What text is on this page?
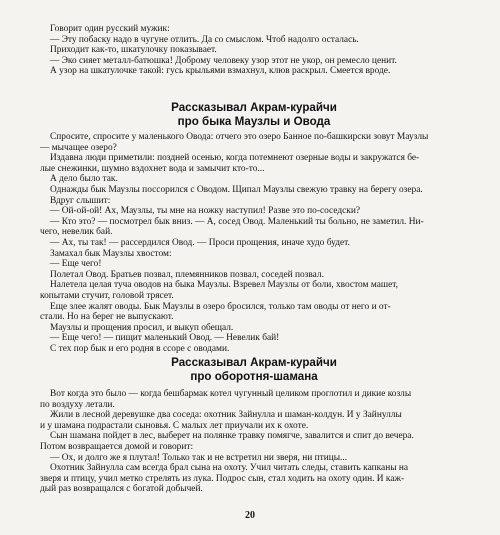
Говорит один русский мужик:
— Эту побаску надо в чугуне отлить. Да со смыслом. Чтоб надолго осталась.
Приходит как-то, шкатулочку показывает.
— Эко сияет металл-батюшка! Доброму человеку узор этот не укор, он ремесло ценит.
А узор на шкатулочке такой: гусь крыльями взмахнул, клюв раскрыл. Смеется вроде.
Рассказывал Акрам-курайчи
про быка Маузлы и Овода
Спросите, спросите у маленького Овода: отчего это озеро Банное по-башкирски зовут Маузлы
— мычащее озеро?
Издавна люди приметили: поздней осенью, когда потемнеют озерные воды и закружатся бе-
лые снежинки, шумно вздохнет вода и замычит кто-то...
А дело было так.
Однажды бык Маузлы поссорился с Оводом. Щипал Маузлы свежую травку на берегу озера.
Вдруг слышит:
— Ой-ой-ой! Ах, Маузлы, ты мне на ножку наступил! Разве это по-соседски?
— Кто это? — посмотрел бык вниз. — А, сосед Овод. Маленький ты больно, не заметил. Ни-
чего, невелик бай.
— Ах, ты так! — рассердился Овод. — Проси прощения, иначе худо будет.
Замахал бык Маузлы хвостом:
— Еще чего!
Полетал Овод. Братьев позвал, племянников позвал, соседей позвал.
Налетела целая туча оводов на быка Маузлы. Взревел Маузлы от боли, хвостом машет,
копытами стучит, головой трясет.
Еще злее жалят оводы. Бык Маузлы в озеро бросился, только там оводы от него и от-
стали. Но на берег не выпускают.
Маузлы и прощения просил, и выкуп обещал.
— Еще чего! — пищит маленький Овод. — Невелик бай!
С тех пор бык и его родня в ссоре с оводами.
Рассказывал Акрам-курайчи
про оборотня-шамана
Вот когда это было — когда бешбармак котел чугунный целиком проглотил и дикие козлы
по воздуху летали.
Жили в лесной деревушке два соседа: охотник Зайнулла и шаман-колдун. И у Зайнуллы
и у шамана подрастали сыновья. С малых лет приучали их к охоте.
Сын шамана пойдет в лес, выберет на полянке травку помягче, завалится и спит до вечера.
Потом возвращается домой и говорит:
— Ох, и долго же я плутал! Только так и не встретил ни зверя, ни птицы...
Охотник Зайнулла сам всегда брал сына на охоту. Учил читать следы, ставить капканы на
зверя и птицу, учил метко стрелять из лука. Подрос сын, стал ходить на охоту один. И каж-
дый раз возвращался с богатой добычей.
20
